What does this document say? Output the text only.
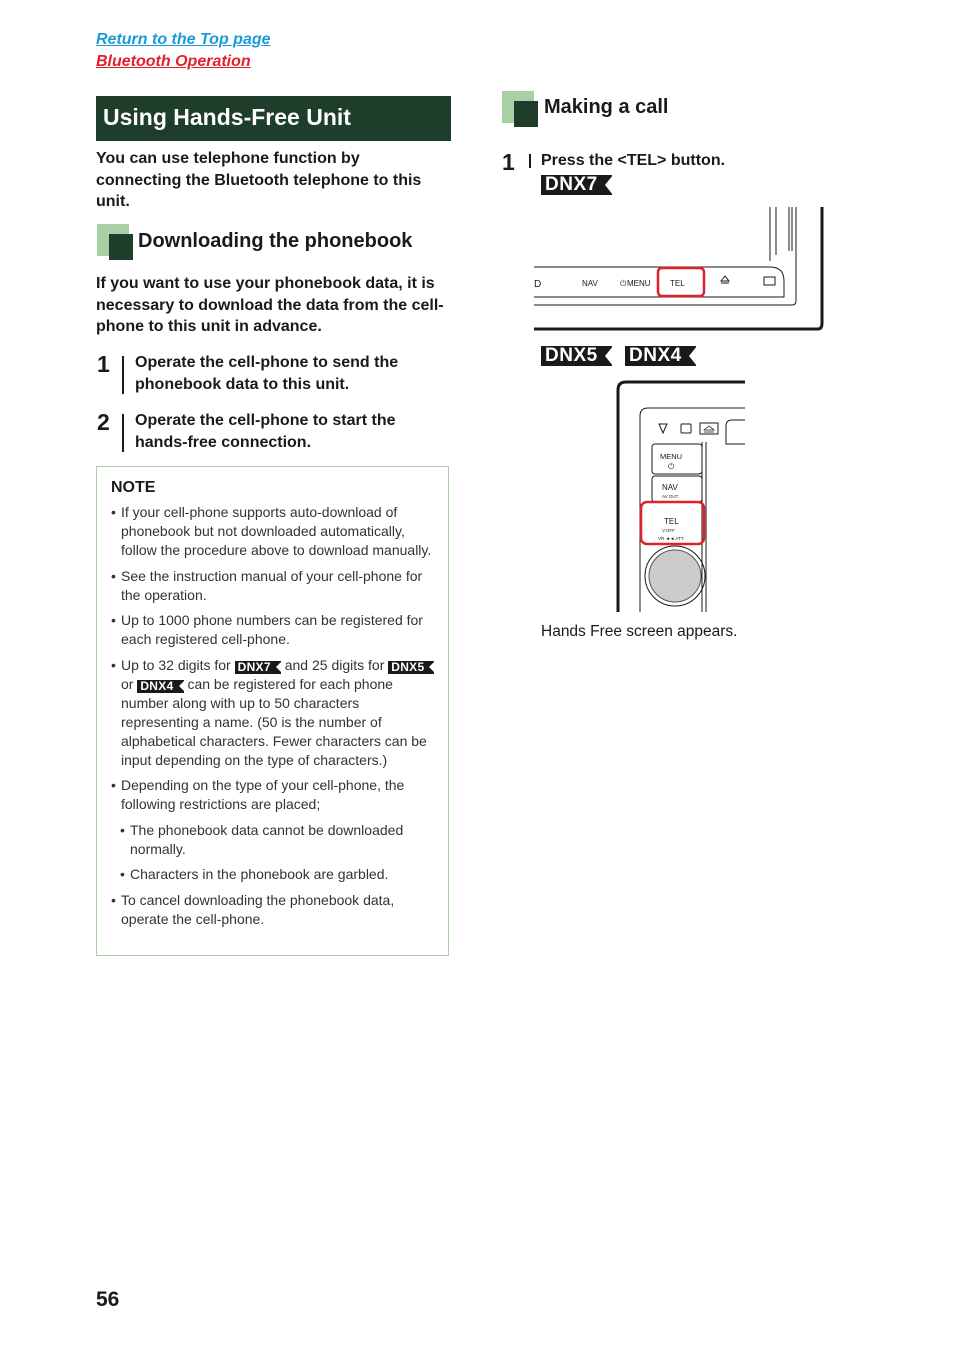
Return to the Top page
Bluetooth Operation
Using Hands-Free Unit
You can use telephone function by connecting the Bluetooth telephone to this unit.
Downloading the phonebook
If you want to use your phonebook data, it is necessary to download the data from the cell-phone to this unit in advance.
1 Operate the cell-phone to send the phonebook data to this unit.
2 Operate the cell-phone to start the hands-free connection.
NOTE
• If your cell-phone supports auto-download of phonebook but not downloaded automatically, follow the procedure above to download manually.
• See the instruction manual of your cell-phone for the operation.
• Up to 1000 phone numbers can be registered for each registered cell-phone.
• Up to 32 digits for DNX7 and 25 digits for DNX5 or DNX4 can be registered for each phone number along with up to 50 characters representing a name. (50 is the number of alphabetical characters. Fewer characters can be input depending on the type of characters.)
• Depending on the type of your cell-phone, the following restrictions are placed;
• The phonebook data cannot be downloaded normally.
• Characters in the phonebook are garbled.
• To cancel downloading the phonebook data, operate the cell-phone.
Making a call
1 Press the <TEL> button.
DNX7
D	NAV	⏻ MENU TEL
DNX5	DNX4
MENU
⏻
NAV
AV OUT
TEL
V.OFF
VR ◄◄ ATT
Hands Free screen appears.
56
